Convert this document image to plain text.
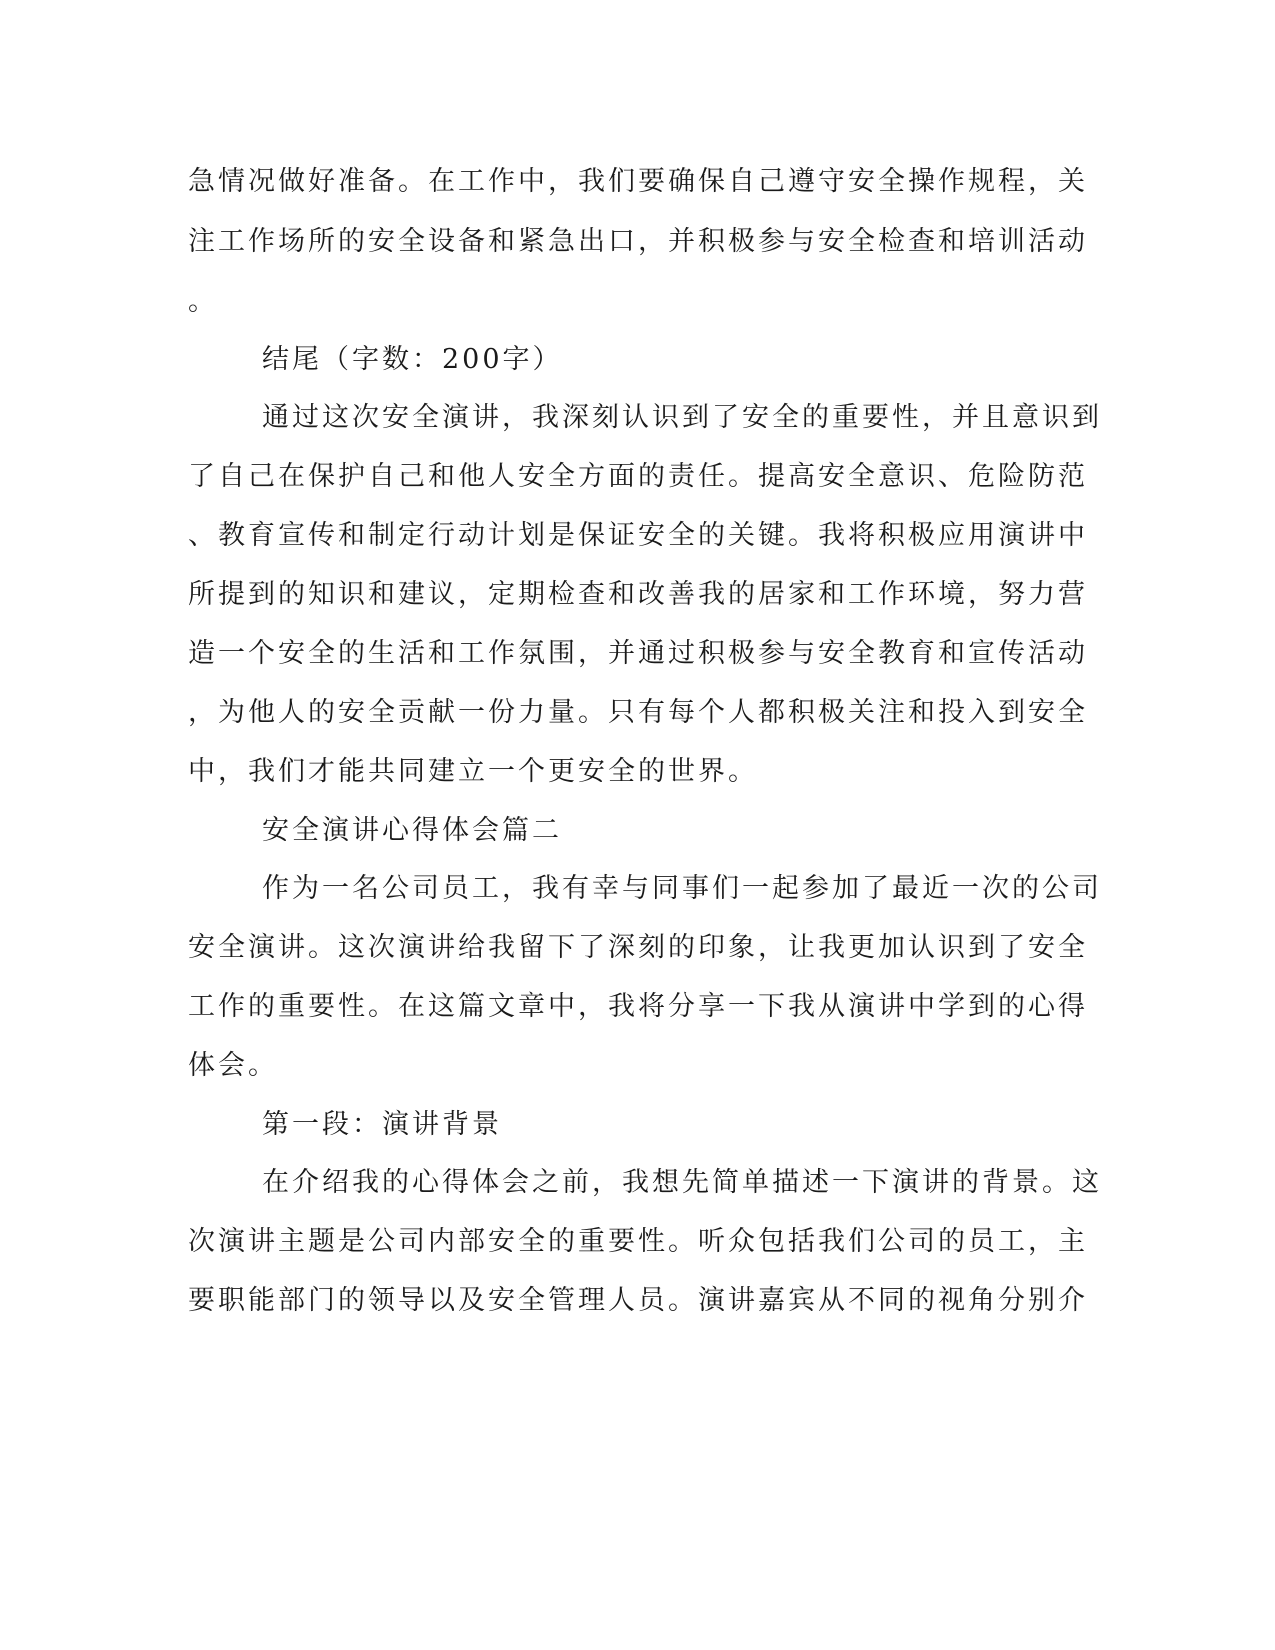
急情况做好准备。在工作中，我们要确保自己遵守安全操作规程，关

注工作场所的安全设备和紧急出口，并积极参与安全检查和培训活动

。

结尾（字数：200字）

通过这次安全演讲，我深刻认识到了安全的重要性，并且意识到

了自己在保护自己和他人安全方面的责任。提高安全意识、危险防范

、教育宣传和制定行动计划是保证安全的关键。我将积极应用演讲中

所提到的知识和建议，定期检查和改善我的居家和工作环境，努力营

造一个安全的生活和工作氛围，并通过积极参与安全教育和宣传活动

，为他人的安全贡献一份力量。只有每个人都积极关注和投入到安全

中，我们才能共同建立一个更安全的世界。

安全演讲心得体会篇二

作为一名公司员工，我有幸与同事们一起参加了最近一次的公司

安全演讲。这次演讲给我留下了深刻的印象，让我更加认识到了安全

工作的重要性。在这篇文章中，我将分享一下我从演讲中学到的心得

体会。

第一段：演讲背景

在介绍我的心得体会之前，我想先简单描述一下演讲的背景。这

次演讲主题是公司内部安全的重要性。听众包括我们公司的员工，主

要职能部门的领导以及安全管理人员。演讲嘉宾从不同的视角分别介
